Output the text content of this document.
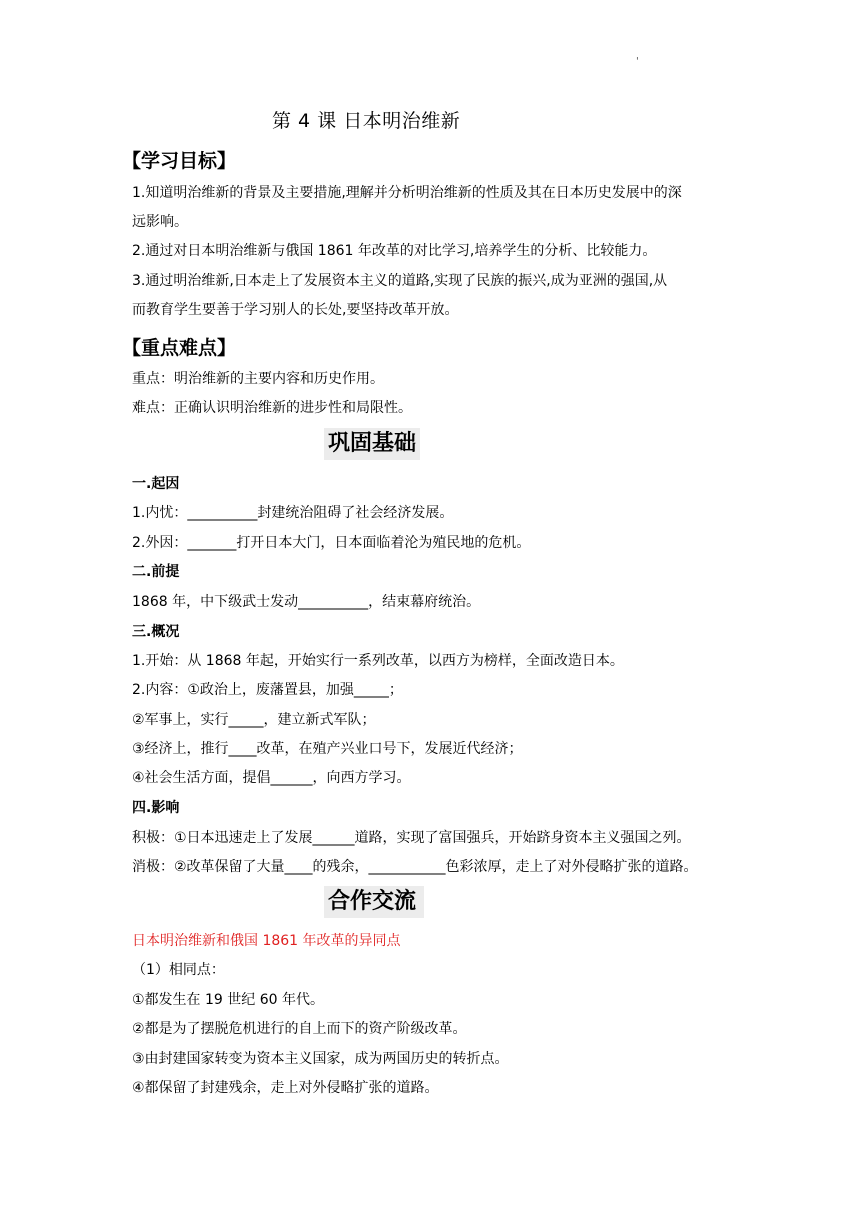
'
第 4 课 日本明治维新
【学习目标】
1.知道明治维新的背景及主要措施,理解并分析明治维新的性质及其在日本历史发展中的深
远影响。
2.通过对日本明治维新与俄国 1861 年改革的对比学习,培养学生的分析、比较能力。
3.通过明治维新,日本走上了发展资本主义的道路,实现了民族的振兴,成为亚洲的强国,从
而教育学生要善于学习别人的长处,要坚持改革开放。
【重点难点】
重点：明治维新的主要内容和历史作用。
难点：正确认识明治维新的进步性和局限性。
巩固基础
一.起因
1.内忧：__________封建统治阻碍了社会经济发展。
2.外因：_______打开日本大门，日本面临着沦为殖民地的危机。
二.前提
1868 年，中下级武士发动__________，结束幕府统治。
三.概况
1.开始：从 1868 年起，开始实行一系列改革，以西方为榜样，全面改造日本。
2.内容：①政治上，废藩置县，加强_____；
②军事上，实行_____，建立新式军队；
③经济上，推行____改革，在殖产兴业口号下，发展近代经济；
④社会生活方面，提倡______，向西方学习。
四.影响
积极：①日本迅速走上了发展______道路，实现了富国强兵，开始跻身资本主义强国之列。
消极：②改革保留了大量____的残余，___________色彩浓厚，走上了对外侵略扩张的道路。
合作交流
日本明治维新和俄国 1861 年改革的异同点
（1）相同点：
①都发生在 19 世纪 60 年代。
②都是为了摆脱危机进行的自上而下的资产阶级改革。
③由封建国家转变为资本主义国家，成为两国历史的转折点。
④都保留了封建残余，走上对外侵略扩张的道路。
